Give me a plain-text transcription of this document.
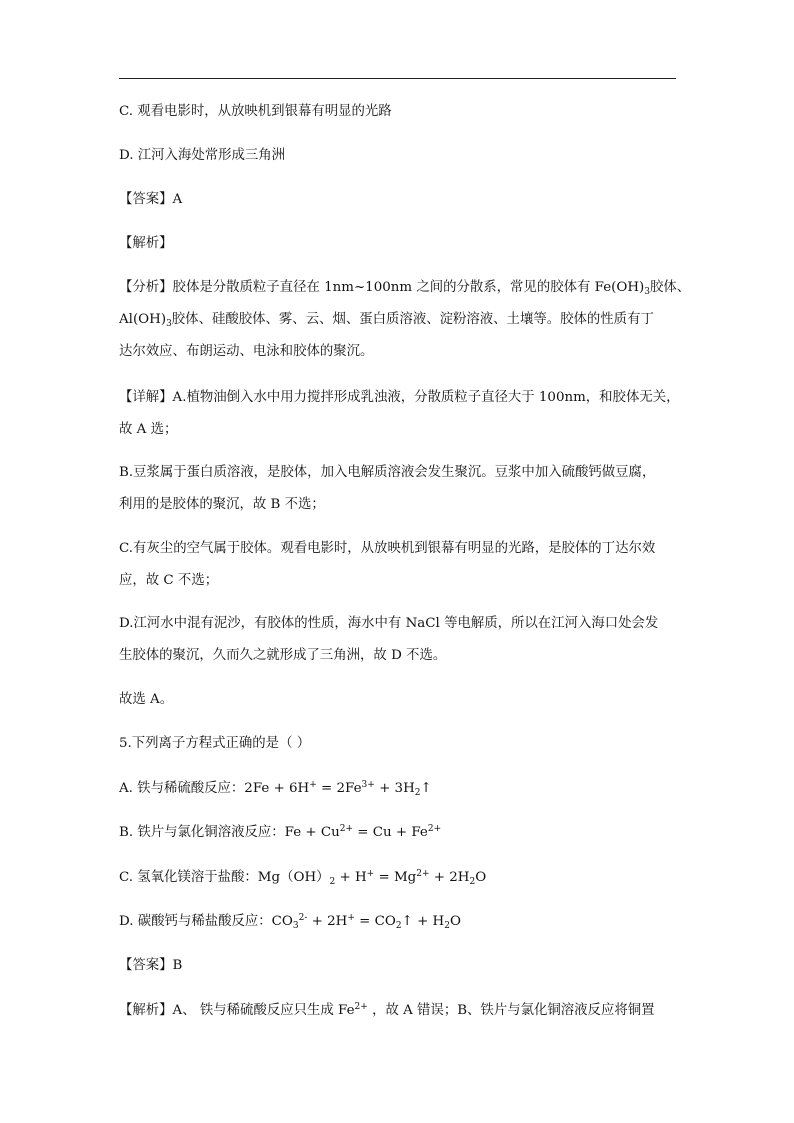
C. 观看电影时，从放映机到银幕有明显的光路
D. 江河入海处常形成三角洲
【答案】A
【解析】
【分析】胶体是分散质粒子直径在 1nm~100nm 之间的分散系，常见的胶体有 $Fe(OH)_3$胶体、
$Al(OH)_3$胶体、硅酸胶体、雾、云、烟、蛋白质溶液、淀粉溶液、土壤等。胶体的性质有丁
达尔效应、布朗运动、电泳和胶体的聚沉。
【详解】A.植物油倒入水中用力搅拌形成乳浊液，分散质粒子直径大于 100nm，和胶体无关，
故 A 选；
B.豆浆属于蛋白质溶液，是胶体，加入电解质溶液会发生聚沉。豆浆中加入硫酸钙做豆腐，
利用的是胶体的聚沉，故 B 不选；
C.有灰尘的空气属于胶体。观看电影时，从放映机到银幕有明显的光路，是胶体的丁达尔效
应，故 C 不选；
D.江河水中混有泥沙，有胶体的性质，海水中有 NaCl 等电解质，所以在江河入海口处会发
生胶体的聚沉，久而久之就形成了三角洲，故 D 不选。
故选 A。
5.下列离子方程式正确的是（ ）
A. 铁与稀硫酸反应：$2Fe + 6H^+ = 2Fe^{3+}$ + $3H_2↑$
B. 铁片与氯化铜溶液反应：$Fe + Cu^{2+} = Cu + Fe^{2+}$
C. 氢氧化镁溶于盐酸：$Mg(OH)_2 + H^+ = Mg^{2+} + 2H_2O$
D. 碳酸钙与稀盐酸反应：$CO_3^{2-} + 2H^+$ = $CO_2↑ + H_2O$
【答案】B
【解析】A、 铁与稀硫酸反应只生成 $Fe^{2+}$ ，故 A 错误；B、铁片与氯化铜溶液反应将铜置
